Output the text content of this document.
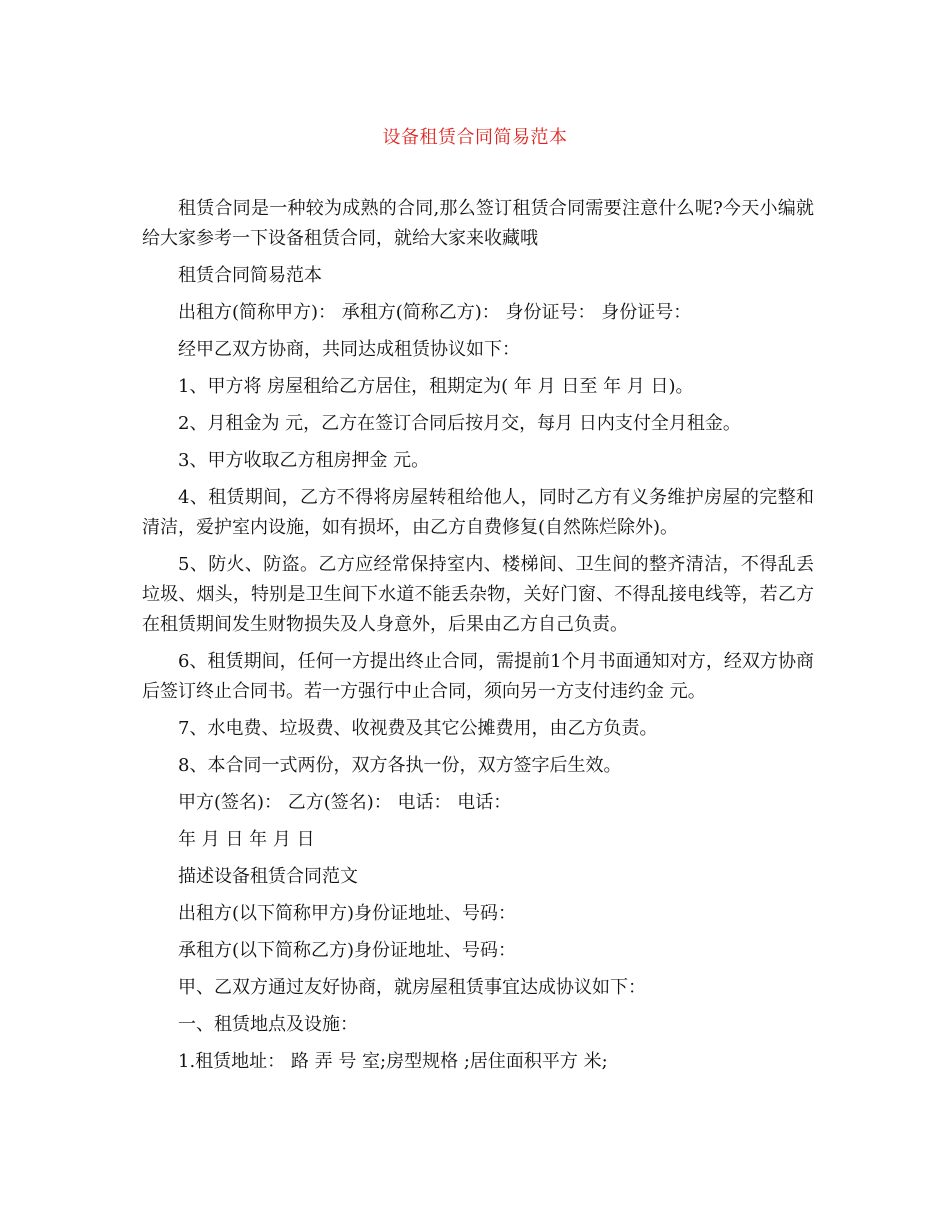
设备租赁合同简易范本

租赁合同是一种较为成熟的合同,那么签订租赁合同需要注意什么呢?今天小编就给大家参考一下设备租赁合同，就给大家来收藏哦

租赁合同简易范本

出租方(简称甲方)： 承租方(简称乙方)： 身份证号： 身份证号：

经甲乙双方协商，共同达成租赁协议如下：

1、甲方将 房屋租给乙方居住，租期定为( 年 月 日至 年 月 日)。

2、月租金为 元，乙方在签订合同后按月交，每月 日内支付全月租金。

3、甲方收取乙方租房押金 元。

4、租赁期间，乙方不得将房屋转租给他人，同时乙方有义务维护房屋的完整和清洁，爱护室内设施，如有损坏，由乙方自费修复(自然陈烂除外)。

5、防火、防盗。乙方应经常保持室内、楼梯间、卫生间的整齐清洁，不得乱丢垃圾、烟头，特别是卫生间下水道不能丢杂物，关好门窗、不得乱接电线等，若乙方在租赁期间发生财物损失及人身意外，后果由乙方自己负责。

6、租赁期间，任何一方提出终止合同，需提前1个月书面通知对方，经双方协商后签订终止合同书。若一方强行中止合同，须向另一方支付违约金 元。

7、水电费、垃圾费、收视费及其它公摊费用，由乙方负责。

8、本合同一式两份，双方各执一份，双方签字后生效。

甲方(签名)： 乙方(签名)： 电话： 电话：

年 月 日 年 月 日

描述设备租赁合同范文

出租方(以下简称甲方)身份证地址、号码：

承租方(以下简称乙方)身份证地址、号码：

甲、乙双方通过友好协商，就房屋租赁事宜达成协议如下：

一、租赁地点及设施：

1.租赁地址： 路 弄 号 室;房型规格 ;居住面积平方 米;
